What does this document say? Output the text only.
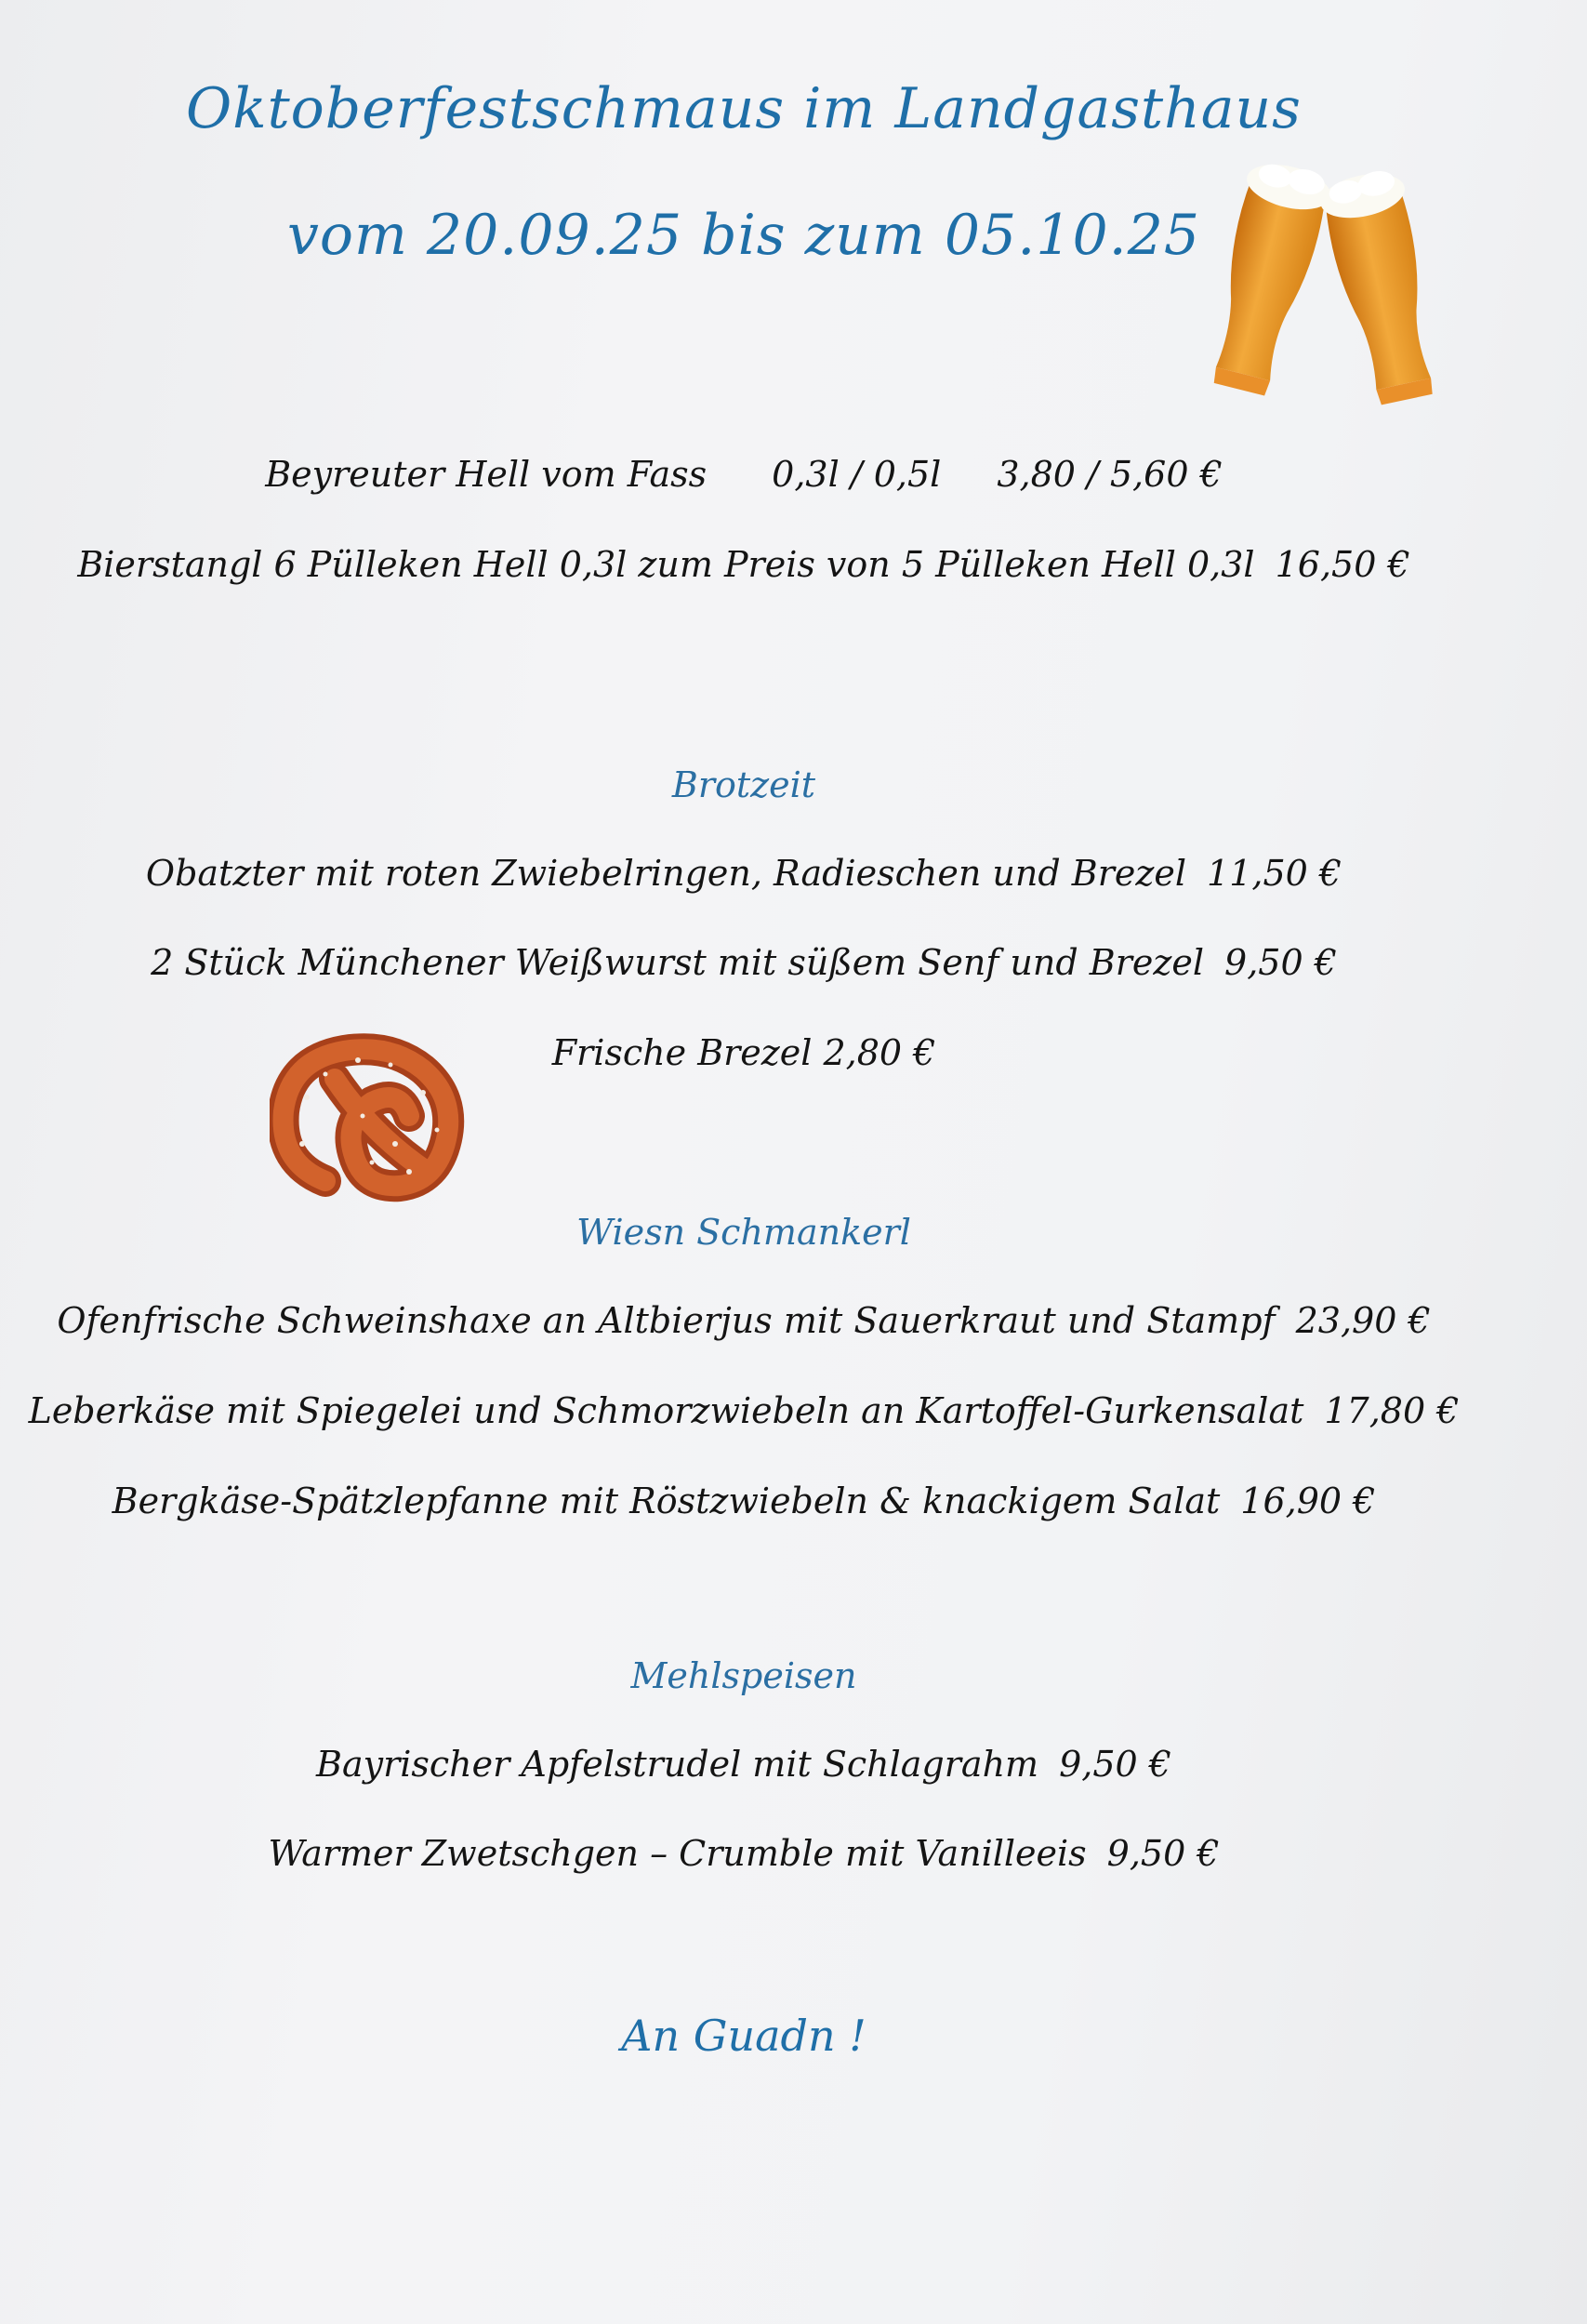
Oktoberfestschmaus im Landgasthaus
vom 20.09.25 bis zum 05.10.25
Beyreuter Hell vom Fass 0,3l / 0,5l 3,80 / 5,60 €
Bierstangl 6 Pülleken Hell 0,3l zum Preis von 5 Pülleken Hell 0,3l 16,50 €
Brotzeit
Obatzter mit roten Zwiebelringen, Radieschen und Brezel 11,50 €
2 Stück Münchener Weißwurst mit süßem Senf und Brezel 9,50 €
Frische Brezel 2,80 €
Wiesn Schmankerl
Ofenfrische Schweinshaxe an Altbierjus mit Sauerkraut und Stampf 23,90 €
Leberkäse mit Spiegelei und Schmorzwiebeln an Kartoffel-Gurkensalat 17,80 €
Bergkäse-Spätzlepfanne mit Röstzwiebeln & knackigem Salat 16,90 €
Mehlspeisen
Bayrischer Apfelstrudel mit Schlagrahm 9,50 €
Warmer Zwetschgen – Crumble mit Vanilleeis 9,50 €
An Guadn !
